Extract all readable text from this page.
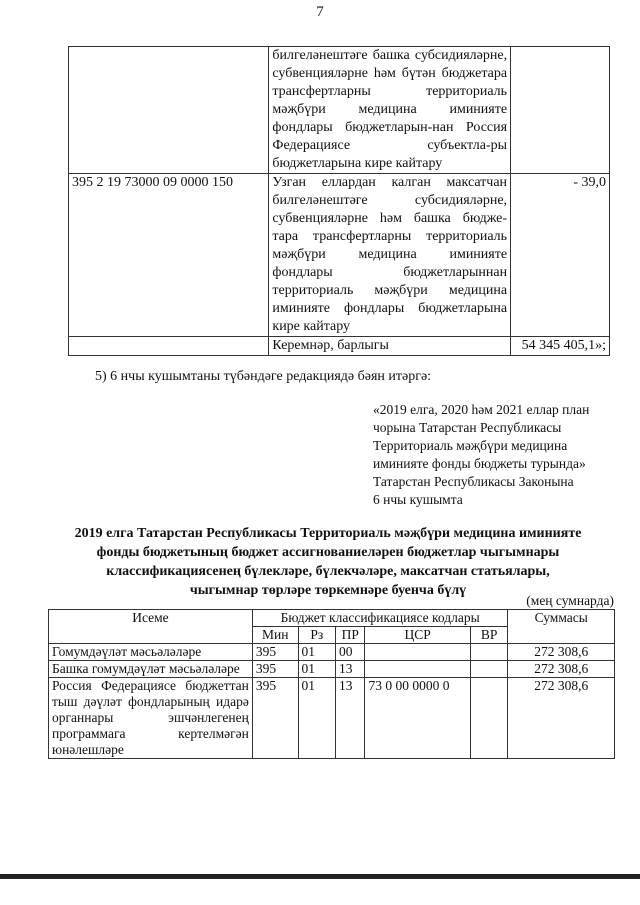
7
	билгеләнештәге башка субсидияләрне, субвенцияләрне һәм бүтән бюджетара трансфертларны территориаль мәҗбүри медицина иминияте фондлары бюджетларын-нан Россия Федерациясе субъектла-ры бюджетларына кире кайтару	
395 2 19 73000 09 0000 150	Узган еллардан калган максатчан билгеләнештәге субсидияләрне, субвенцияләрне һәм башка бюдже-тара трансфертларны территориаль мәҗбүри медицина иминияте фондлары бюджетларыннан территориаль мәҗбүри медицина иминияте фондлары бюджетларына кире кайтару	- 39,0
	Керемнәр, барлыгы	54 345 405,1»;
5) 6 нчы кушымтаны түбәндәге редакциядә бәян итәргә:
«2019 елга, 2020 һәм 2021 еллар план
чорына Татарстан Республикасы
Территориаль мәҗбүри медицина
иминияте фонды бюджеты турында»
Татарстан Республикасы Законына
6 нчы кушымта
2019 елга Татарстан Республикасы Территориаль мәҗбүри медицина иминияте
фонды бюджетының бюджет ассигнованиеләрен бюджетлар чыгымнары
классификациясенең бүлекләре, бүлекчәләре, максатчан статьялары,
чыгымнар төрләре төркемнәре буенча бүлү
(мең сумнарда)
Исеме	Бюджет классификациясе кодлары					Суммасы
	Мин	Рз	ПР	ЦСР	ВР	
Гомумдәүләт мәсьәләләре	395	01	00			272 308,6
Башка гомумдәүләт мәсьәләләре	395	01	13			272 308,6
Россия Федерациясе бюджеттан тыш дәүләт фондларының идарә органнары эшчәнлегенең программага кертелмәгән юнәлешләре	395	01	13	73 0 00 0000 0		272 308,6
